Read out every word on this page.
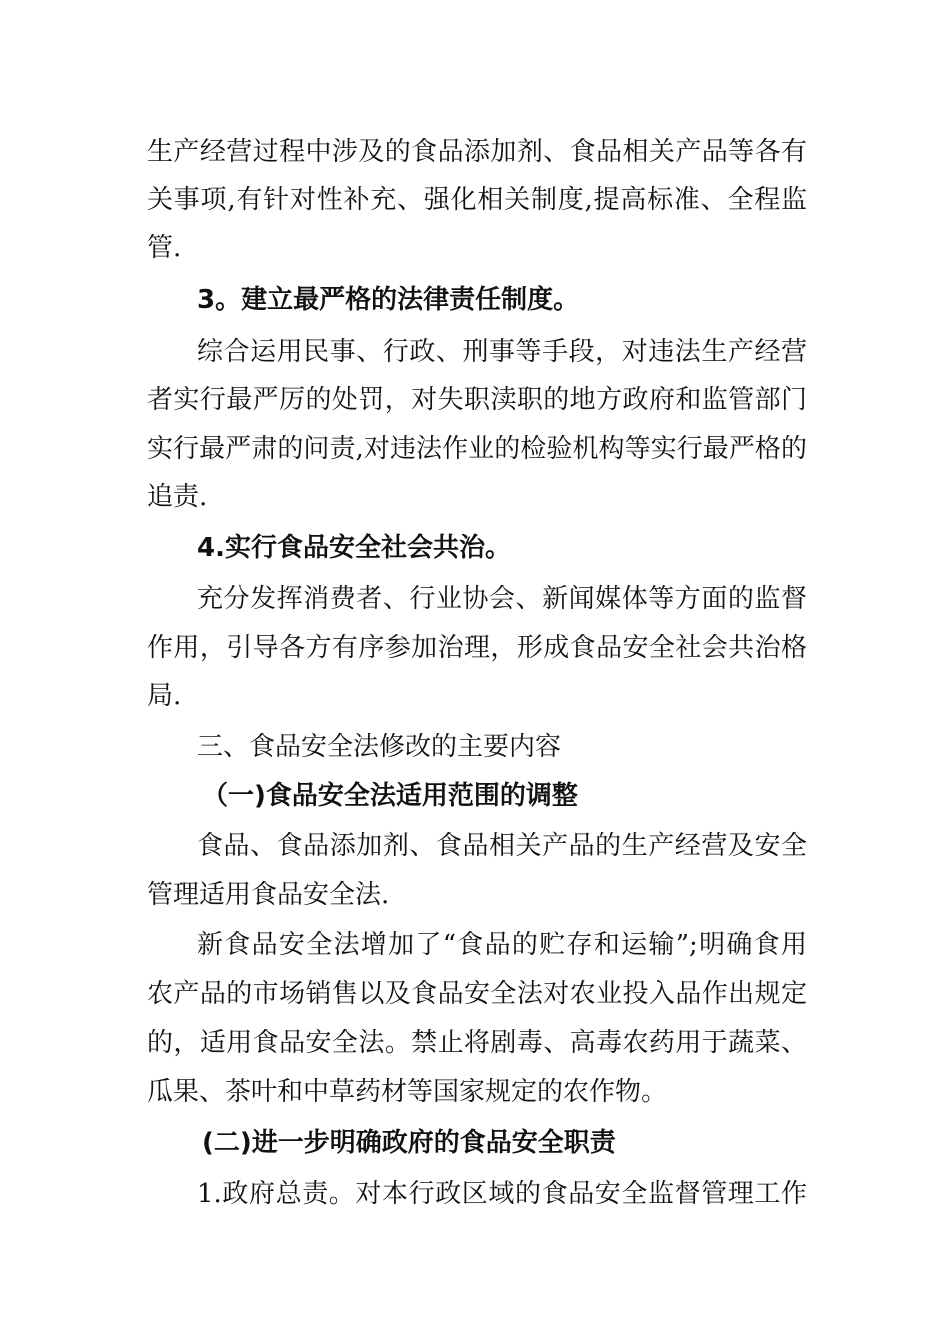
生产经营过程中涉及的食品添加剂、食品相关产品等各有
关事项,有针对性补充、强化相关制度,提高标准、全程监
管.
3。建立最严格的法律责任制度。
综合运用民事、行政、刑事等手段，对违法生产经营
者实行最严厉的处罚，对失职渎职的地方政府和监管部门
实行最严肃的问责,对违法作业的检验机构等实行最严格的
追责.
4.实行食品安全社会共治。
充分发挥消费者、行业协会、新闻媒体等方面的监督
作用，引导各方有序参加治理，形成食品安全社会共治格
局.
三、食品安全法修改的主要内容
（一)食品安全法适用范围的调整
食品、食品添加剂、食品相关产品的生产经营及安全
管理适用食品安全法.
新食品安全法增加了“食品的贮存和运输”;明确食用
农产品的市场销售以及食品安全法对农业投入品作出规定
的，适用食品安全法。禁止将剧毒、高毒农药用于蔬菜、
瓜果、茶叶和中草药材等国家规定的农作物。
(二)进一步明确政府的食品安全职责
1.政府总责。对本行政区域的食品安全监督管理工作
